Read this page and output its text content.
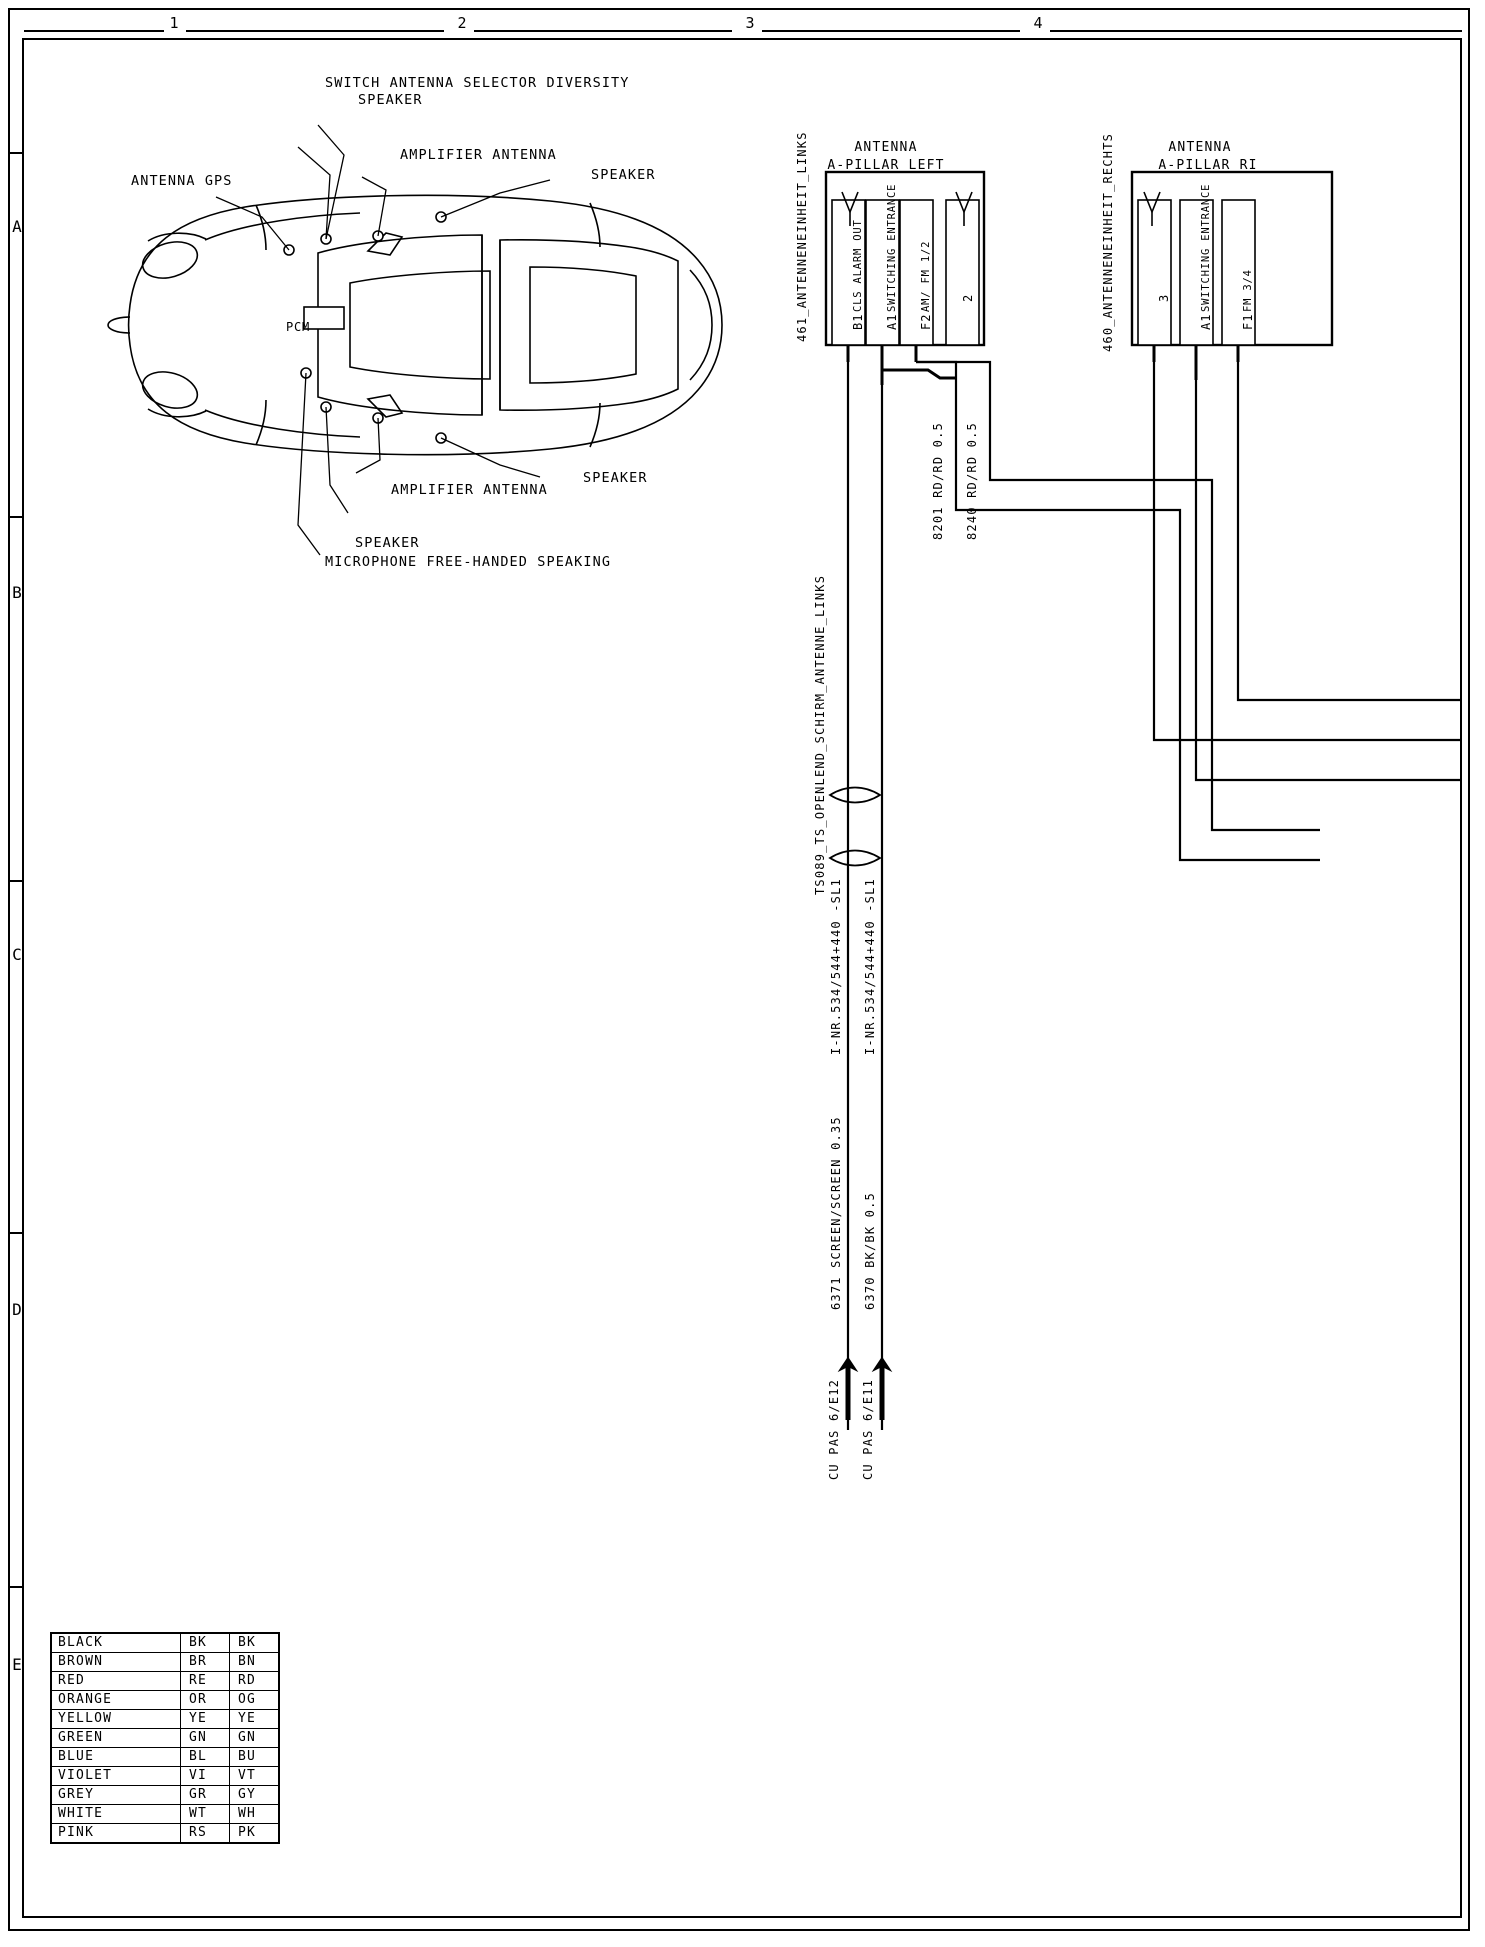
1	2	3	4
A
B
C
D
E
PCM
SWITCH ANTENNA SELECTOR DIVERSITY
SPEAKER
AMPLIFIER ANTENNA
SPEAKER
ANTENNA GPS
AMPLIFIER ANTENNA
SPEAKER
SPEAKER
MICROPHONE FREE-HANDED SPEAKING
BLACK	BK	BK
BROWN	BR	BN
RED	RE	RD
ORANGE	OR	OG
YELLOW	YE	YE
GREEN	GN	GN
BLUE	BL	BU
VIOLET	VI	VT
GREY	GR	GY
WHITE	WT	WH
PINK	RS	PK
ANTENNA
A-PILLAR LEFT
ANTENNA
A-PILLAR RI
461_ANTENNENEINHEIT_LINKS	460_ANTENNENEINHEIT_RECHTS
B1
CLS ALARM OUT
A1
SWITCHING ENTRANCE
F2
AM/ FM 1/2 2	3
A1
SWITCHING ENTRANCE
F1
FM 3/4
8201 RD/RD 0.5 8240 RD/RD 0.5
6371 SCREEN/SCREEN 0.35 6370 BK/BK 0.5
TS089_TS_OPENLEND_SCHIRM_ANTENNE_LINKS
I-NR.534/544+440 -SL1 I-NR.534/544+440 -SL1
CU PAS 6/E12 CU PAS 6/E11
